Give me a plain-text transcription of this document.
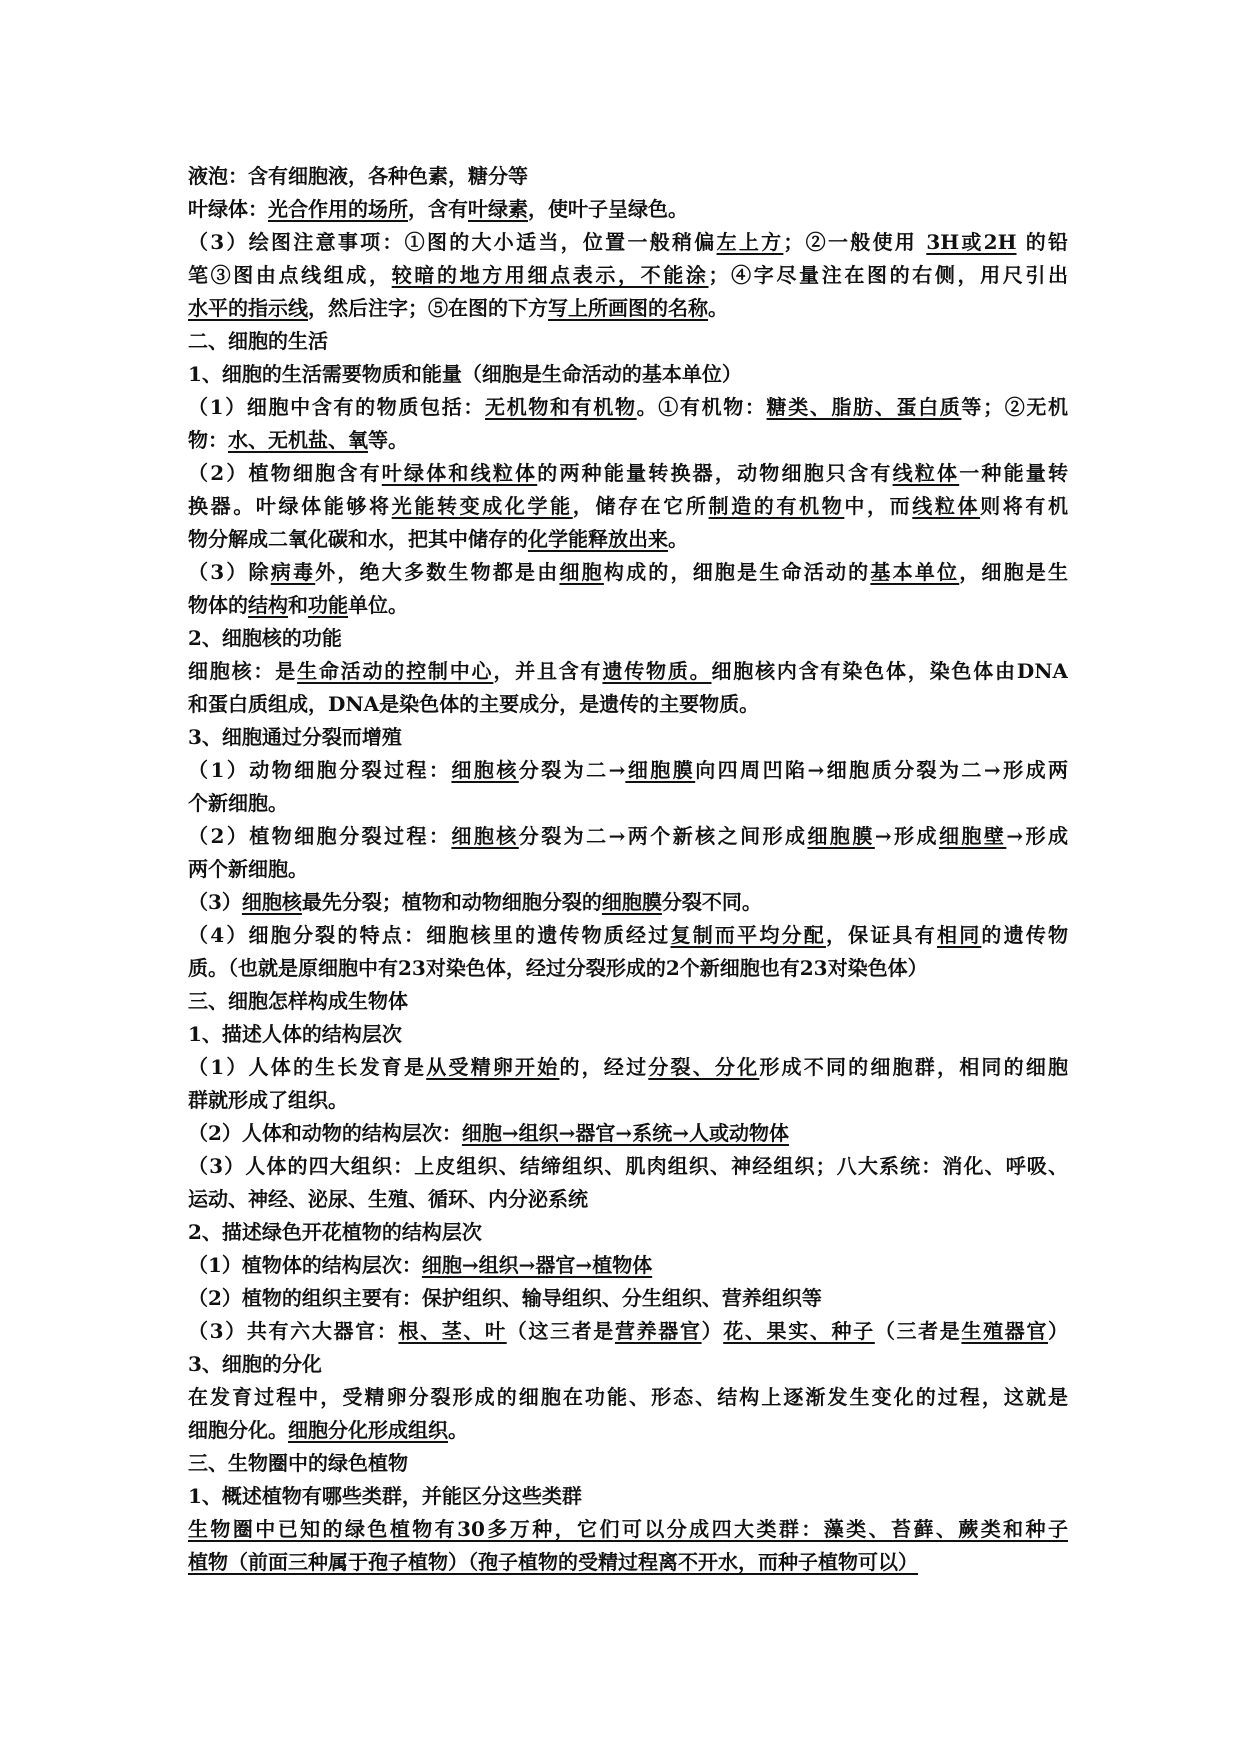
液泡：含有细胞液，各种色素，糖分等
叶绿体：光合作用的场所，含有叶绿素，使叶子呈绿色。
（3）绘图注意事项：①图的大小适当，位置一般稍偏左上方；②一般使用 3H或2H 的铅
笔③图由点线组成，较暗的地方用细点表示，不能涂；④字尽量注在图的右侧，用尺引出
水平的指示线，然后注字；⑤在图的下方写上所画图的名称。
二、细胞的生活
1、细胞的生活需要物质和能量（细胞是生命活动的基本单位）
（1）细胞中含有的物质包括：无机物和有机物。①有机物：糖类、脂肪、蛋白质等；②无机
物：水、无机盐、氧等。
（2）植物细胞含有叶绿体和线粒体的两种能量转换器，动物细胞只含有线粒体一种能量转
换器。叶绿体能够将光能转变成化学能，储存在它所制造的有机物中，而线粒体则将有机
物分解成二氧化碳和水，把其中储存的化学能释放出来。
（3）除病毒外，绝大多数生物都是由细胞构成的，细胞是生命活动的基本单位，细胞是生
物体的结构和功能单位。
2、细胞核的功能
细胞核：是生命活动的控制中心，并且含有遗传物质。细胞核内含有染色体，染色体由DNA
和蛋白质组成，DNA是染色体的主要成分，是遗传的主要物质。
3、细胞通过分裂而增殖
（1）动物细胞分裂过程：细胞核分裂为二→细胞膜向四周凹陷→细胞质分裂为二→形成两
个新细胞。
（2）植物细胞分裂过程：细胞核分裂为二→两个新核之间形成细胞膜→形成细胞壁→形成
两个新细胞。
（3）细胞核最先分裂；植物和动物细胞分裂的细胞膜分裂不同。
（4）细胞分裂的特点：细胞核里的遗传物质经过复制而平均分配，保证具有相同的遗传物
质。（也就是原细胞中有23对染色体，经过分裂形成的2个新细胞也有23对染色体）
三、细胞怎样构成生物体
1、描述人体的结构层次
（1）人体的生长发育是从受精卵开始的，经过分裂、分化形成不同的细胞群，相同的细胞
群就形成了组织。
（2）人体和动物的结构层次：细胞→组织→器官→系统→人或动物体
（3）人体的四大组织：上皮组织、结缔组织、肌肉组织、神经组织；八大系统：消化、呼吸、
运动、神经、泌尿、生殖、循环、内分泌系统
2、描述绿色开花植物的结构层次
（1）植物体的结构层次：细胞→组织→器官→植物体
（2）植物的组织主要有：保护组织、输导组织、分生组织、营养组织等
（3）共有六大器官：根、茎、叶（这三者是营养器官）花、果实、种子（三者是生殖器官）
3、细胞的分化
在发育过程中，受精卵分裂形成的细胞在功能、形态、结构上逐渐发生变化的过程，这就是
细胞分化。细胞分化形成组织。
三、生物圈中的绿色植物
1、概述植物有哪些类群，并能区分这些类群
生物圈中已知的绿色植物有30多万种，它们可以分成四大类群：藻类、苔藓、蕨类和种子
植物（前面三种属于孢子植物）（孢子植物的受精过程离不开水，而种子植物可以）
